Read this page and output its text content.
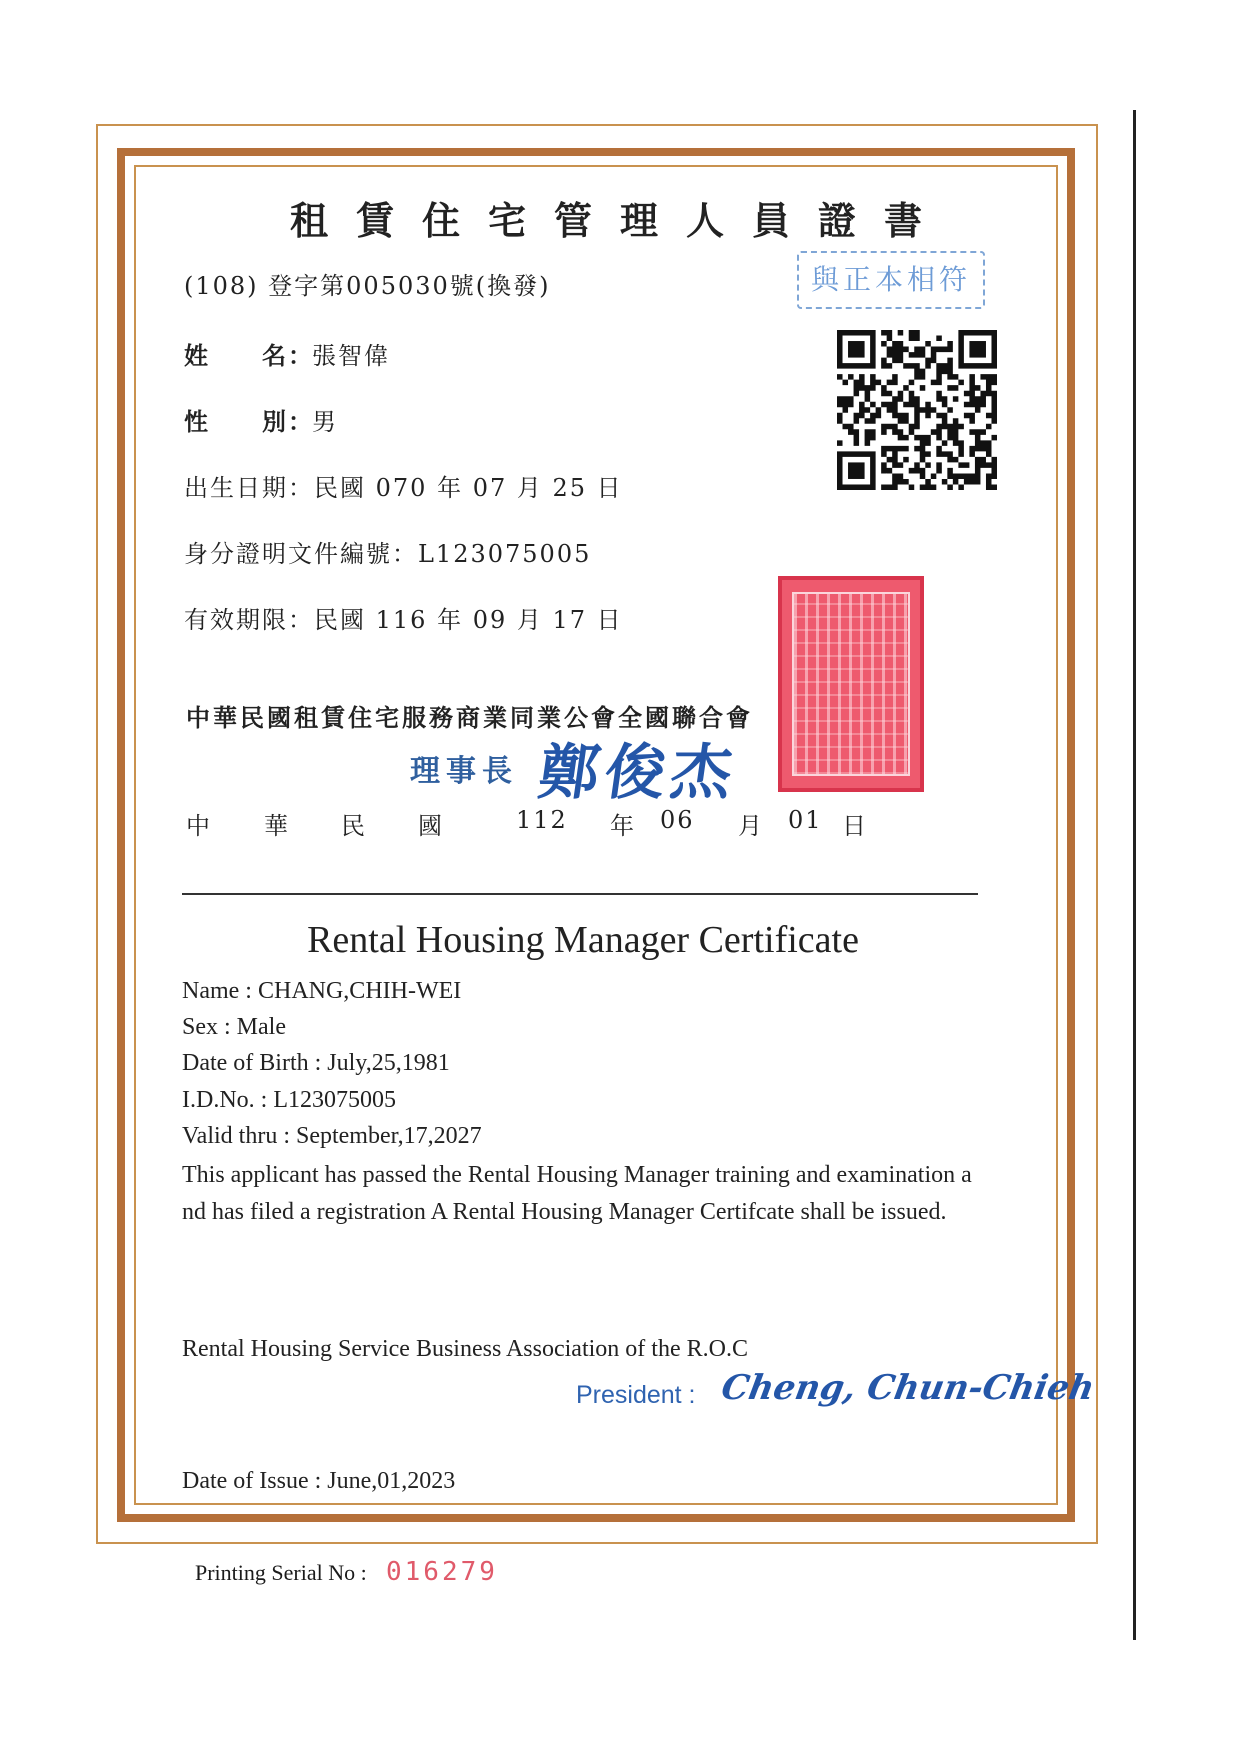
租賃住宅管理人員證書
(108) 登字第005030號(換發)	與正本相符
姓　　名：
張智偉
性　　別：
男
出生日期：民國 070 年 07 月 25 日
身分證明文件編號：L123075005
有效期限：民國 116 年 09 月 17 日
中華民國租賃住宅服務商業同業公會全國聯合會
理事長 鄭俊杰
中 華 民 國	112 年 06 月 01 日
Rental Housing Manager Certificate
Name : CHANG,CHIH-WEI
Sex : Male
Date of Birth : July,25,1981
I.D.No. : L123075005
Valid thru : September,17,2027
This applicant has passed the Rental Housing Manager training and examination and has filed a registration A Rental Housing Manager Certifcate shall be issued.
Rental Housing Service Business Association of the R.O.C
President : Cheng, Chun-Chieh
Date of Issue : June,01,2023
Printing Serial No : 016279
